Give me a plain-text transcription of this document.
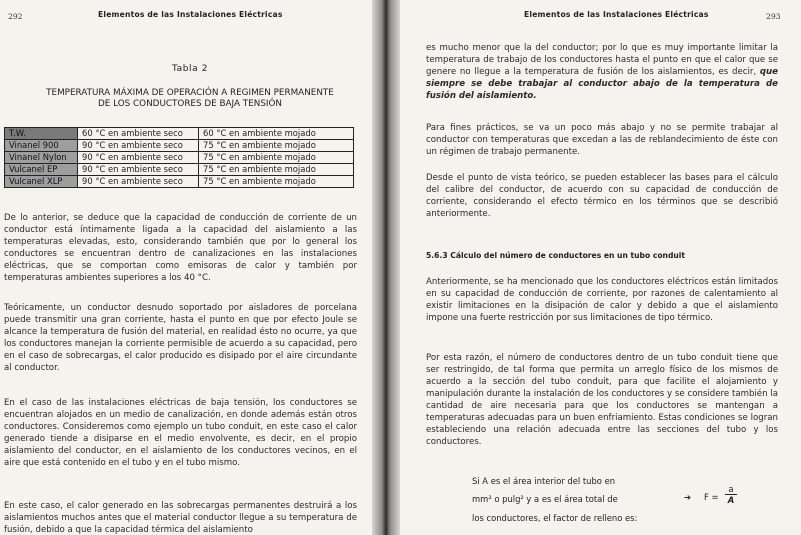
292	Elementos de las Instalaciones Eléctricas
Tabla 2
TEMPERATURA MÁXIMA DE OPERACIÓN A REGIMEN PERMANENTE
DE LOS CONDUCTORES DE BAJA TENSIÓN
T.W.	60 °C en ambiente seco	60 °C en ambiente mojado
Vinanel 900	90 °C en ambiente seco	75 °C en ambiente mojado
Vinanel Nylon	90 °C en ambiente seco	75 °C en ambiente mojado
Vulcanel EP	90 °C en ambiente seco	75 °C en ambiente mojado
Vulcanel XLP	90 °C en ambiente seco	75 °C en ambiente mojado
De lo anterior, se deduce que la capacidad de conducción de corriente de un conductor está íntimamente ligada a la capacidad del aislamiento a las temperaturas elevadas, esto, considerando también que por lo general los conductores se encuentran dentro de canalizaciones en las instalaciones eléctricas, que se comportan como emisoras de calor y también por temperaturas ambientes superiores a los 40 °C.
Teóricamente, un conductor desnudo soportado por aisladores de porcelana puede transmitir una gran corriente, hasta el punto en que por efecto Joule se alcance la temperatura de fusión del material, en realidad ésto no ocurre, ya que los conductores manejan la corriente permisible de acuerdo a su capacidad, pero en el caso de sobrecargas, el calor producido es disipado por el aire circundante al conductor.
En el caso de las instalaciones eléctricas de baja tensión, los conductores se encuentran alojados en un medio de canalización, en donde además están otros conductores. Consideremos como ejemplo un tubo conduit, en este caso el calor generado tiende a disiparse en el medio envolvente, es decir, en el propio aislamiento del conductor, en el aislamiento de los conductores vecinos, en el aire que está contenido en el tubo y en el tubo mismo.
En este caso, el calor generado en las sobrecargas permanentes destruirá a los aislamientos muchos antes que el material conductor llegue a su temperatura de fusión, debido a que la capacidad térmica del aislamiento
Elementos de las Instalaciones Eléctricas	293
es mucho menor que la del conductor; por lo que es muy importante limitar la temperatura de trabajo de los conductores hasta el punto en que el calor que se genere no llegue a la temperatura de fusión de los aislamientos, es decir, que siempre se debe trabajar al conductor abajo de la temperatura de fusión del aislamiento.
Para fines prácticos, se va un poco más abajo y no se permite trabajar al conductor con temperaturas que excedan a las de reblandecimiento de éste con un régimen de trabajo permanente.
Desde el punto de vista teórico, se pueden establecer las bases para el cálculo del calibre del conductor, de acuerdo con su capacidad de conducción de corriente, considerando el efecto térmico en los términos que se describió anteriormente.
5.6.3 Cálculo del número de conductores en un tubo conduit
Anteriormente, se ha mencionado que los conductores eléctricos están limitados en su capacidad de conducción de corriente, por razones de calentamiento al existir limitaciones en la disipación de calor y debido a que el aislamiento impone una fuerte restricción por sus limitaciones de tipo térmico.
Por esta razón, el número de conductores dentro de un tubo conduit tiene que ser restringido, de tal forma que permita un arreglo físico de los mismos de acuerdo a la sección del tubo conduit, para que facilite el alojamiento y manipulación durante la instalación de los conductores y se considere también la cantidad de aire necesaria para que los conductores se mantengan a temperaturas adecuadas para un buen enfriamiento. Estas condiciones se logran estableciendo una relación adecuada entre las secciones del tubo y los conductores.
Si A es el área interior del tubo en
mm² o pulg² y a es el área total de
los conductores, el factor de relleno es:
➔ $F = \frac{a}{A}$
